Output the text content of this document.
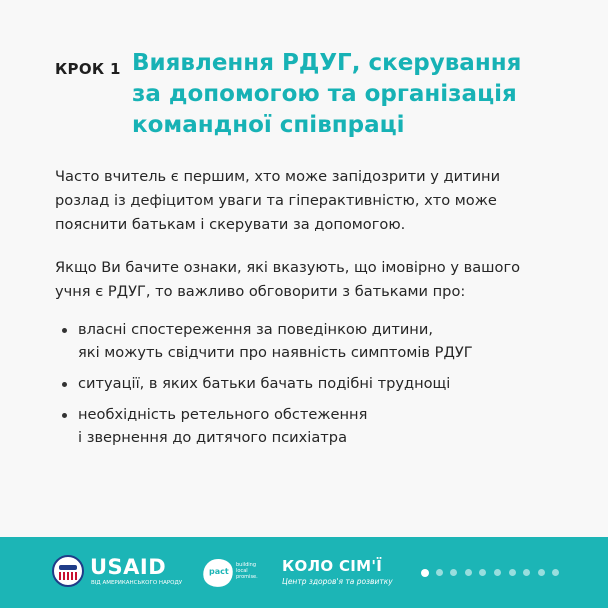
КРОК 1 Виявлення РДУГ, скерування
за допомогою та організація
командної співпраці
Часто вчитель є першим, хто може запідозрити у дитини
розлад із дефіцитом уваги та гіперактивністю, хто може
пояснити батькам і скерувати за допомогою.
Якщо Ви бачите ознаки, які вказують, що імовірно у вашого
учня є РДУГ, то важливо обговорити з батьками про:
власні спостереження за поведінкою дитини,
які можуть свідчити про наявність симптомів РДУГ
ситуації, в яких батьки бачать подібні труднощі
необхідність ретельного обстеження
і звернення до дитячого психіатра
USAID
ВІД АМЕРИКАНСЬКОГО НАРОДУ
pact
building local promise.
КОЛО СІМ'Ї
Центр здоров'я та розвитку
